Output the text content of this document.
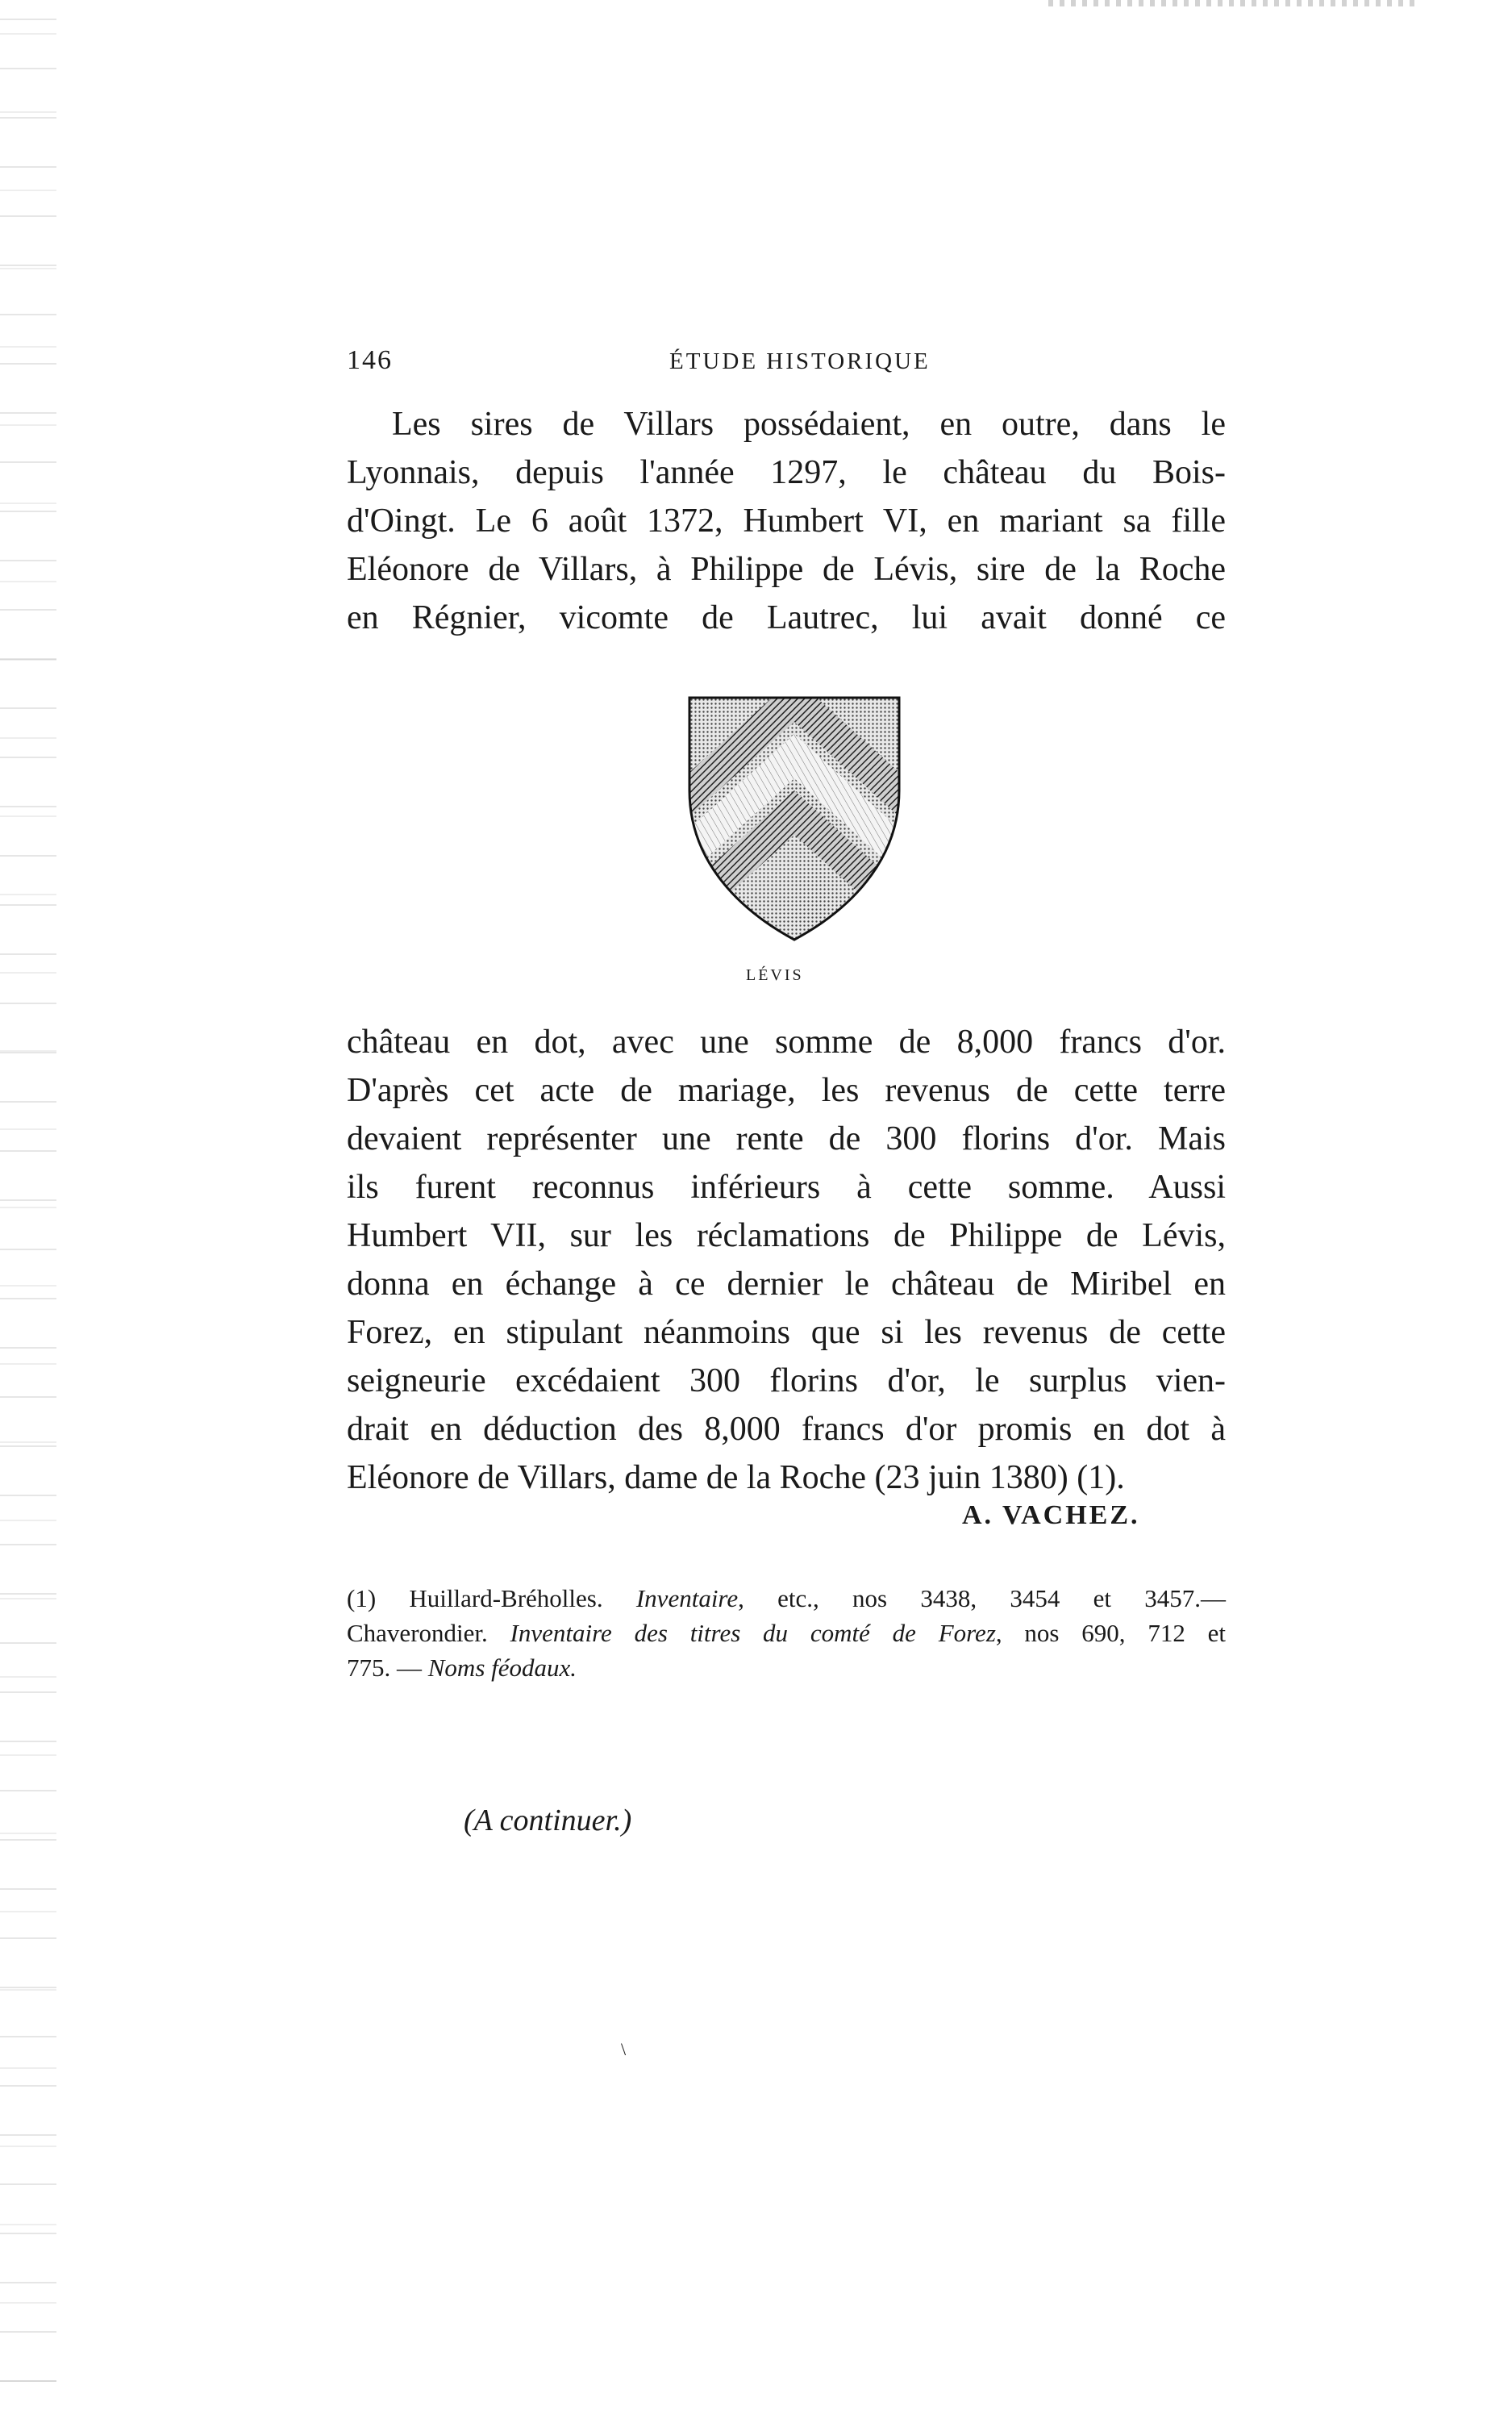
146	ÉTUDE HISTORIQUE

Les sires de Villars possédaient, en outre, dans le
Lyonnais, depuis l'année 1297, le château du Bois-
d'Oingt. Le 6 août 1372, Humbert VI, en mariant sa fille
Eléonore de Villars, à Philippe de Lévis, sire de la Roche
en Régnier, vicomte de Lautrec, lui avait donné ce

LÉVIS

château en dot, avec une somme de 8,000 francs d'or.
D'après cet acte de mariage, les revenus de cette terre
devaient représenter une rente de 300 florins d'or. Mais
ils furent reconnus inférieurs à cette somme. Aussi
Humbert VII, sur les réclamations de Philippe de Lévis,
donna en échange à ce dernier le château de Miribel en
Forez, en stipulant néanmoins que si les revenus de cette
seigneurie excédaient 300 florins d'or, le surplus vien-
drait en déduction des 8,000 francs d'or promis en dot à
Eléonore de Villars, dame de la Roche (23 juin 1380) (1).

A. VACHEZ.

(1) Huillard-Bréholles. Inventaire, etc., nos 3438, 3454 et 3457.—
Chaverondier. Inventaire des titres du comté de Forez, nos 690, 712 et
775. — Noms féodaux.

(A continuer.)
\
